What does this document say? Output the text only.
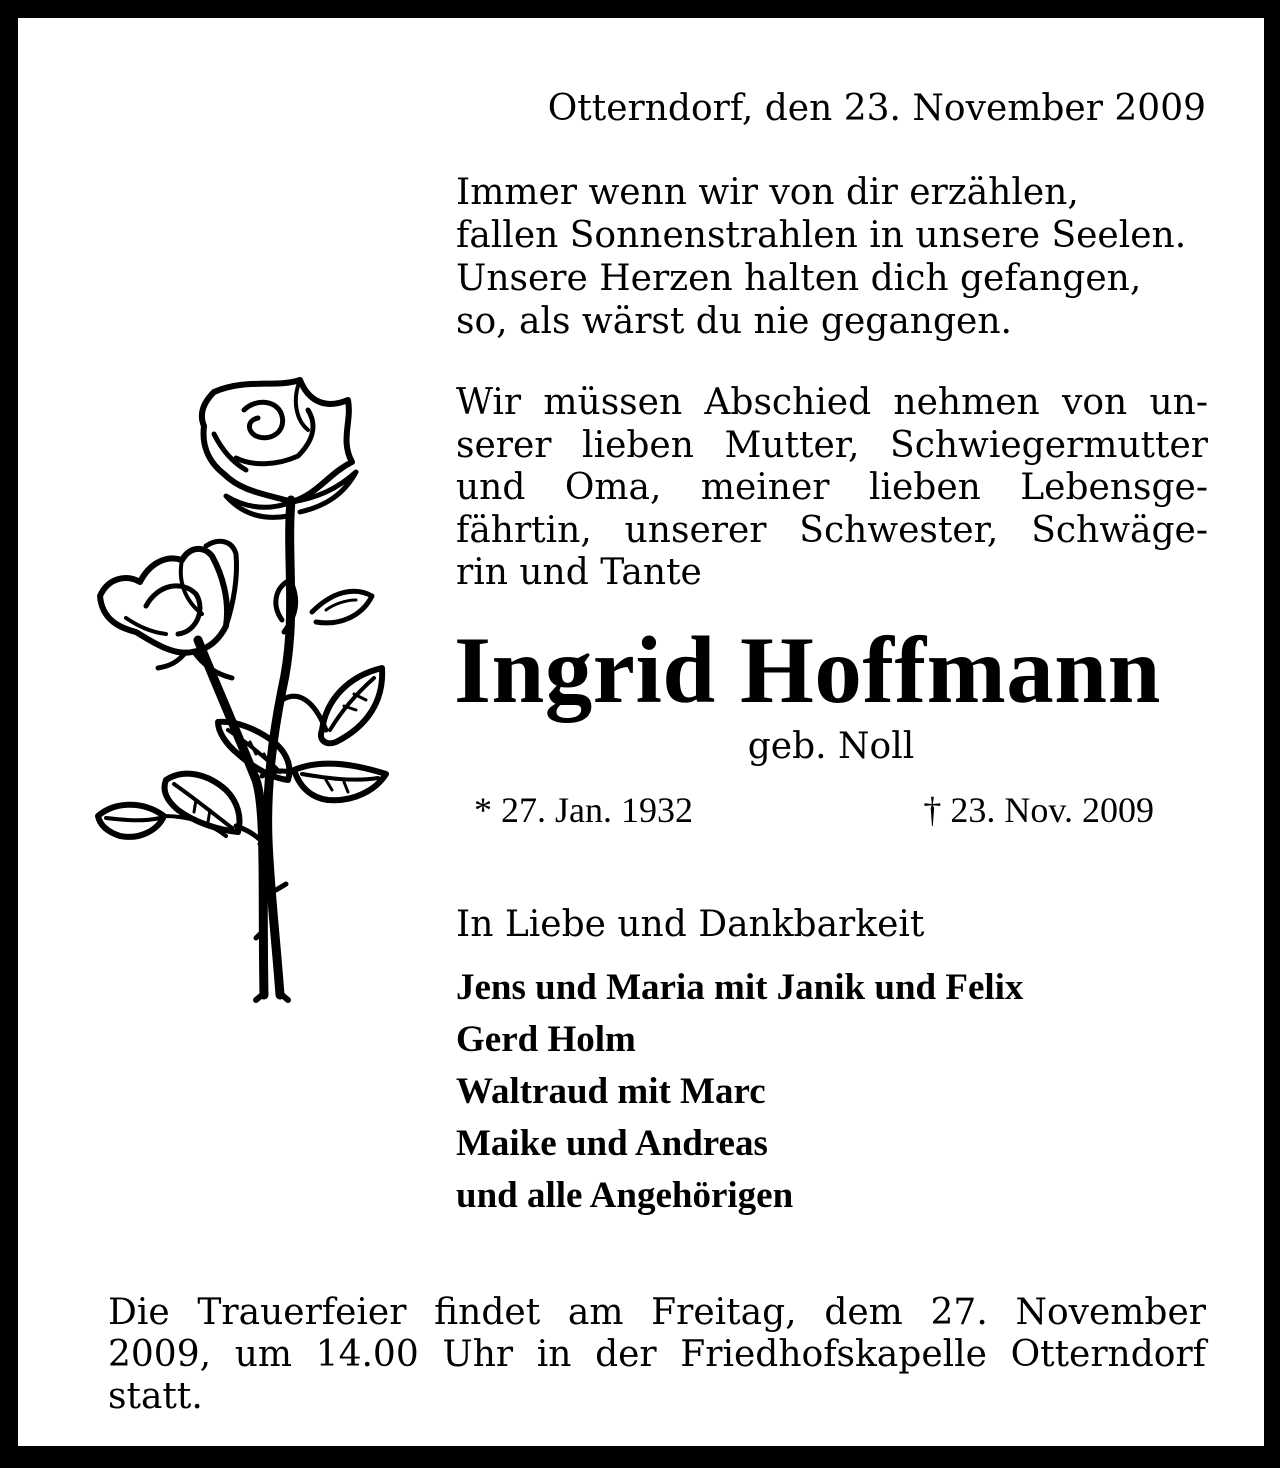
Otterndorf, den 23. November 2009
Immer wenn wir von dir erzählen,
fallen Sonnenstrahlen in unsere Seelen.
Unsere Herzen halten dich gefangen,
so, als wärst du nie gegangen.
Wir müssen Abschied nehmen von un-
serer lieben Mutter, Schwiegermutter
und Oma, meiner lieben Lebensge-
fährtin, unserer Schwester, Schwäge-
rin und Tante
Ingrid Hoffmann
geb. Noll
* 27. Jan. 1932	† 23. Nov. 2009
In Liebe und Dankbarkeit
Jens und Maria mit Janik und Felix
Gerd Holm
Waltraud mit Marc
Maike und Andreas
und alle Angehörigen
Die Trauerfeier findet am Freitag, dem 27. November
2009, um 14.00 Uhr in der Friedhofskapelle Otterndorf
statt.
